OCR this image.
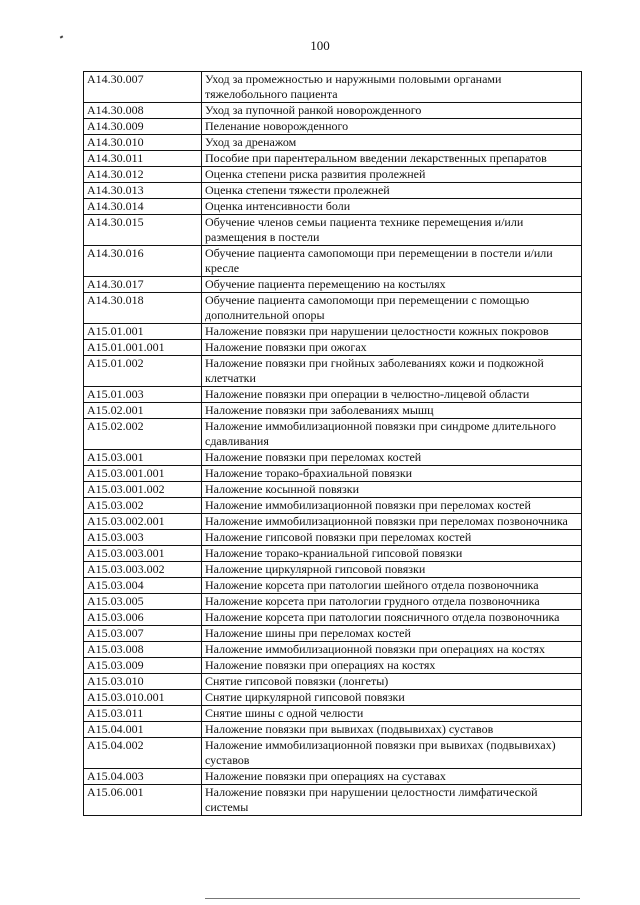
100
A14.30.007	Уход за промежностью и наружными половыми органами тяжелобольного пациента
A14.30.008	Уход за пупочной ранкой новорожденного
A14.30.009	Пеленание новорожденного
A14.30.010	Уход за дренажом
A14.30.011	Пособие при парентеральном введении лекарственных препаратов
A14.30.012	Оценка степени риска развития пролежней
A14.30.013	Оценка степени тяжести пролежней
A14.30.014	Оценка интенсивности боли
A14.30.015	Обучение членов семьи пациента технике перемещения и/или размещения в постели
A14.30.016	Обучение пациента самопомощи при перемещении в постели и/или кресле
A14.30.017	Обучение пациента перемещению на костылях
A14.30.018	Обучение пациента самопомощи при перемещении с помощью дополнительной опоры
A15.01.001	Наложение повязки при нарушении целостности кожных покровов
A15.01.001.001	Наложение повязки при ожогах
A15.01.002	Наложение повязки при гнойных заболеваниях кожи и подкожной клетчатки
A15.01.003	Наложение повязки при операции в челюстно-лицевой области
A15.02.001	Наложение повязки при заболеваниях мышц
A15.02.002	Наложение иммобилизационной повязки при синдроме длительного сдавливания
A15.03.001	Наложение повязки при переломах костей
A15.03.001.001	Наложение торако-брахиальной повязки
A15.03.001.002	Наложение косынной повязки
A15.03.002	Наложение иммобилизационной повязки при переломах костей
A15.03.002.001	Наложение иммобилизационной повязки при переломах позвоночника
A15.03.003	Наложение гипсовой повязки при переломах костей
A15.03.003.001	Наложение торако-краниальной гипсовой повязки
A15.03.003.002	Наложение циркулярной гипсовой повязки
A15.03.004	Наложение корсета при патологии шейного отдела позвоночника
A15.03.005	Наложение корсета при патологии грудного отдела позвоночника
A15.03.006	Наложение корсета при патологии поясничного отдела позвоночника
A15.03.007	Наложение шины при переломах костей
A15.03.008	Наложение иммобилизационной повязки при операциях на костях
A15.03.009	Наложение повязки при операциях на костях
A15.03.010	Снятие гипсовой повязки (лонгеты)
A15.03.010.001	Снятие циркулярной гипсовой повязки
A15.03.011	Снятие шины с одной челюсти
A15.04.001	Наложение повязки при вывихах (подвывихах) суставов
A15.04.002	Наложение иммобилизационной повязки при вывихах (подвывихах) суставов
A15.04.003	Наложение повязки при операциях на суставах
A15.06.001	Наложение повязки при нарушении целостности лимфатической системы
